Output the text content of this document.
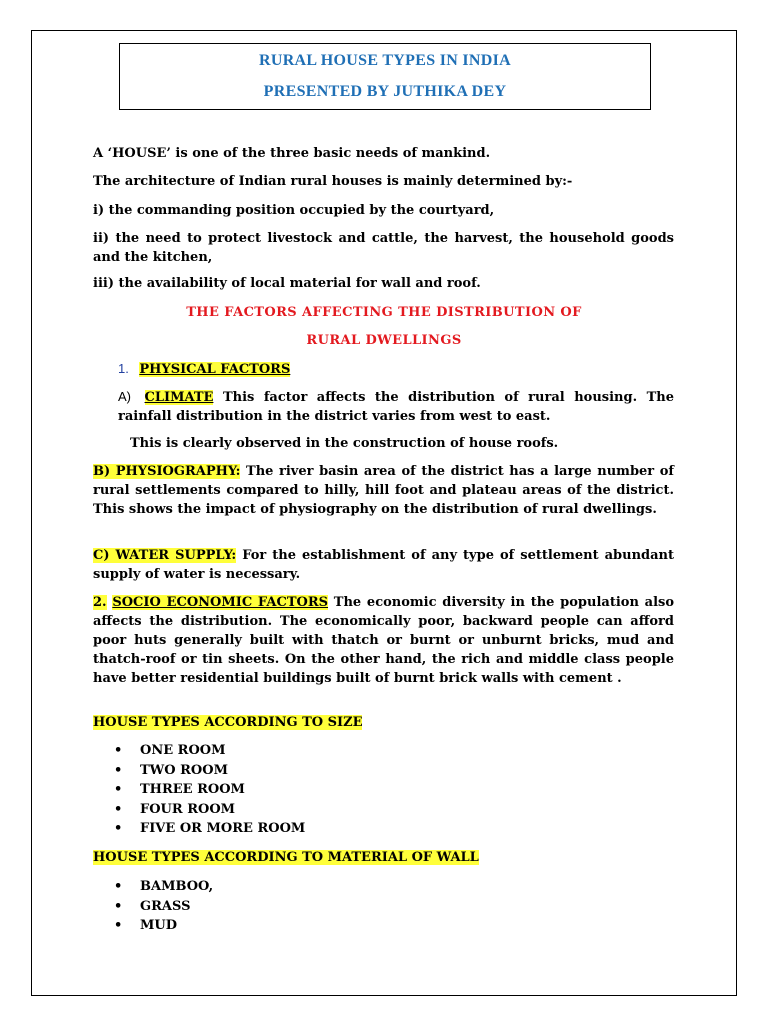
RURAL HOUSE TYPES IN INDIA
PRESENTED BY JUTHIKA DEY
A ‘HOUSE’ is one of the three basic needs of mankind.
The architecture of Indian rural houses is mainly determined by:-
i) the commanding position occupied by the courtyard,
ii) the need to protect livestock and cattle, the harvest, the household goods and the kitchen,
iii) the availability of local material for wall and roof.
THE FACTORS AFFECTING THE DISTRIBUTION OF
RURAL DWELLINGS
1. PHYSICAL FACTORS
A) CLIMATE This factor affects the distribution of rural housing. The rainfall distribution in the district varies from west to east.
This is clearly observed in the construction of house roofs.
B) PHYSIOGRAPHY: The river basin area of the district has a large number of rural settlements compared to hilly, hill foot and plateau areas of the district. This shows the impact of physiography on the distribution of rural dwellings.
C) WATER SUPPLY: For the establishment of any type of settlement abundant supply of water is necessary.
2. SOCIO ECONOMIC FACTORS The economic diversity in the population also affects the distribution. The economically poor, backward people can afford poor huts generally built with thatch or burnt or unburnt bricks, mud and thatch-roof or tin sheets. On the other hand, the rich and middle class people have better residential buildings built of burnt brick walls with cement .
HOUSE TYPES ACCORDING TO SIZE
• ONE ROOM
• TWO ROOM
• THREE ROOM
• FOUR ROOM
• FIVE OR MORE ROOM
HOUSE TYPES ACCORDING TO MATERIAL OF WALL
• BAMBOO,
• GRASS
• MUD
